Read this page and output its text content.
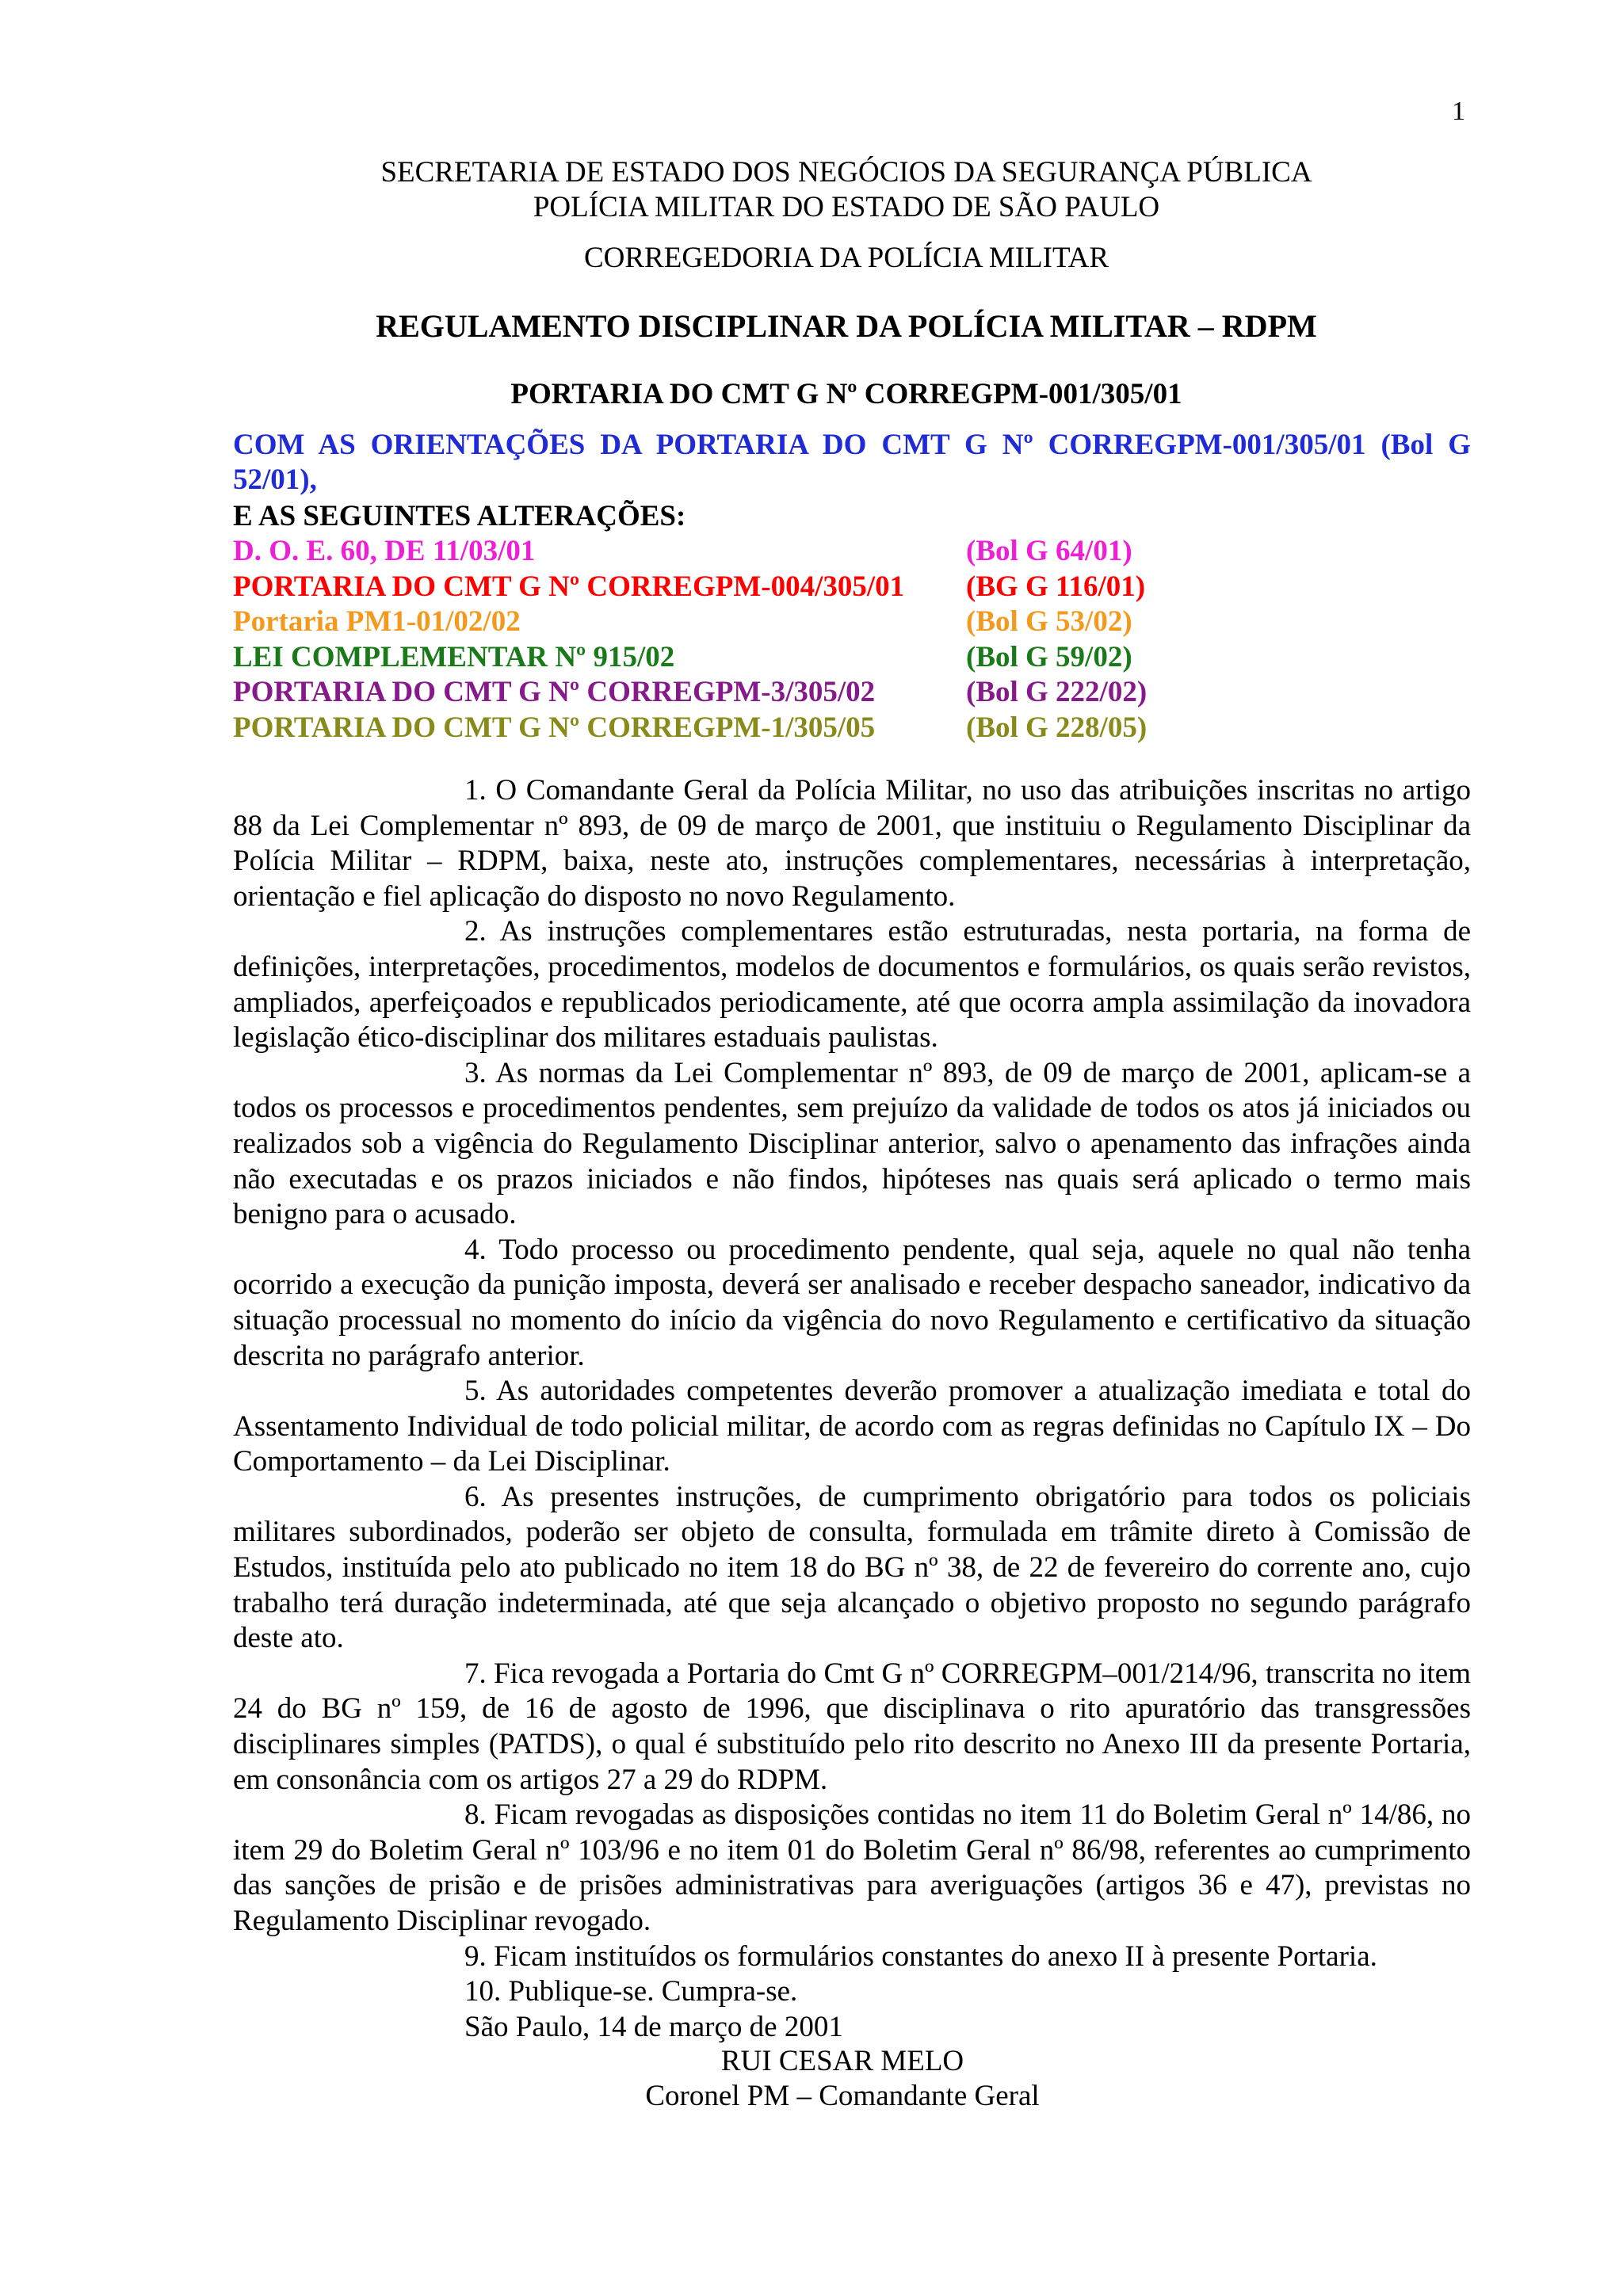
1
SECRETARIA DE ESTADO DOS NEGÓCIOS DA SEGURANÇA PÚBLICA
POLÍCIA MILITAR DO ESTADO DE SÃO PAULO
CORREGEDORIA DA POLÍCIA MILITAR
REGULAMENTO DISCIPLINAR DA POLÍCIA MILITAR – RDPM
PORTARIA DO CMT G Nº CORREGPM-001/305/01
COM AS ORIENTAÇÕES DA PORTARIA DO CMT G Nº CORREGPM-001/305/01 (Bol G 52/01),
E AS SEGUINTES ALTERAÇÕES:
D. O. E. 60, DE 11/03/01	(Bol G 64/01)
PORTARIA DO CMT G Nº CORREGPM-004/305/01 (BG G 116/01)
Portaria PM1-01/02/02	(Bol G 53/02)
LEI COMPLEMENTAR Nº 915/02	(Bol G 59/02)
PORTARIA DO CMT G Nº CORREGPM-3/305/02	(Bol G 222/02)
PORTARIA DO CMT G Nº CORREGPM-1/305/05	(Bol G 228/05)

1. O Comandante Geral da Polícia Militar, no uso das atribuições inscritas no artigo 88 da Lei Complementar nº 893, de 09 de março de 2001, que instituiu o Regulamento Disciplinar da Polícia Militar – RDPM, baixa, neste ato, instruções complementares, necessárias à interpretação, orientação e fiel aplicação do disposto no novo Regulamento.

2. As instruções complementares estão estruturadas, nesta portaria, na forma de definições, interpretações, procedimentos, modelos de documentos e formulários, os quais serão revistos, ampliados, aperfeiçoados e republicados periodicamente, até que ocorra ampla assimilação da inovadora legislação ético-disciplinar dos militares estaduais paulistas.

3. As normas da Lei Complementar nº 893, de 09 de março de 2001, aplicam-se a todos os processos e procedimentos pendentes, sem prejuízo da validade de todos os atos já iniciados ou realizados sob a vigência do Regulamento Disciplinar anterior, salvo o apenamento das infrações ainda não executadas e os prazos iniciados e não findos, hipóteses nas quais será aplicado o termo mais benigno para o acusado.

4. Todo processo ou procedimento pendente, qual seja, aquele no qual não tenha ocorrido a execução da punição imposta, deverá ser analisado e receber despacho saneador, indicativo da situação processual no momento do início da vigência do novo Regulamento e certificativo da situação descrita no parágrafo anterior.

5. As autoridades competentes deverão promover a atualização imediata e total do Assentamento Individual de todo policial militar, de acordo com as regras definidas no Capítulo IX – Do Comportamento – da Lei Disciplinar.

6. As presentes instruções, de cumprimento obrigatório para todos os policiais militares subordinados, poderão ser objeto de consulta, formulada em trâmite direto à Comissão de Estudos, instituída pelo ato publicado no item 18 do BG nº 38, de 22 de fevereiro do corrente ano, cujo trabalho terá duração indeterminada, até que seja alcançado o objetivo proposto no segundo parágrafo deste ato.

7. Fica revogada a Portaria do Cmt G nº CORREGPM–001/214/96, transcrita no item 24 do BG nº 159, de 16 de agosto de 1996, que disciplinava o rito apuratório das transgressões disciplinares simples (PATDS), o qual é substituído pelo rito descrito no Anexo III da presente Portaria, em consonância com os artigos 27 a 29 do RDPM.

8. Ficam revogadas as disposições contidas no item 11 do Boletim Geral nº 14/86, no item 29 do Boletim Geral nº 103/96 e no item 01 do Boletim Geral nº 86/98, referentes ao cumprimento das sanções de prisão e de prisões administrativas para averiguações (artigos 36 e 47), previstas no Regulamento Disciplinar revogado.

9. Ficam instituídos os formulários constantes do anexo II à presente Portaria.

10. Publique-se. Cumpra-se.

São Paulo, 14 de março de 2001

RUI CESAR MELO
Coronel PM – Comandante Geral
